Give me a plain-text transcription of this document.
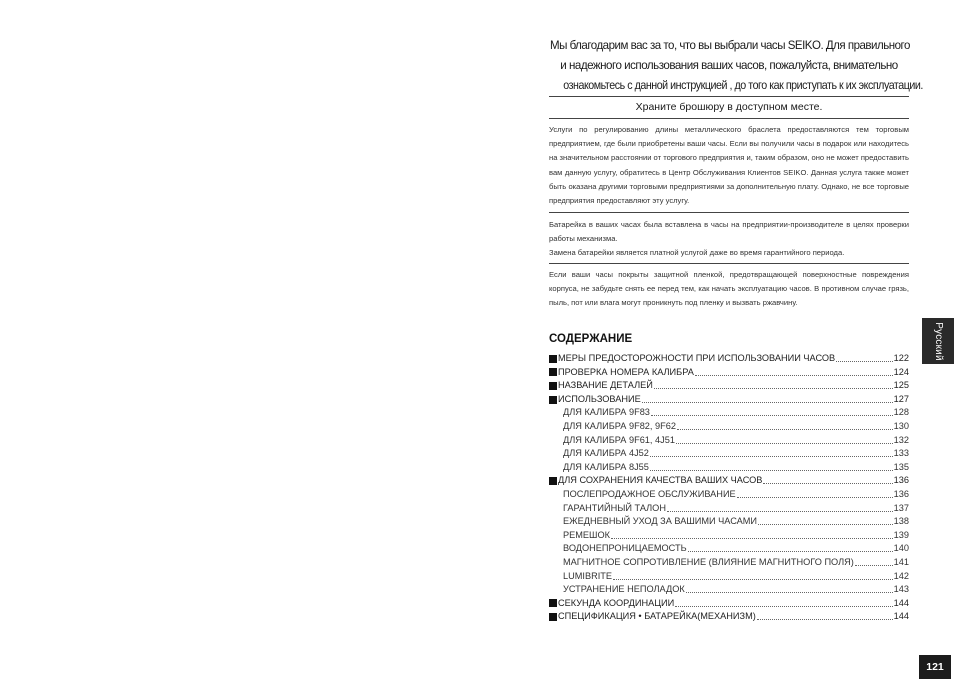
Мы благодарим вас за то, что вы выбрали часы SEIKO. Для правильного
и надежного использования ваших часов, пожалуйста, внимательно
ознакомьтесь с данной инструкцией , до того как приступать к их эксплуатации.
Храните брошюру в доступном месте.
Услуги по регулированию длины металлического браслета предоставляются тем торговым предприятием, где были приобретены ваши часы. Если вы получили часы в подарок или находитесь на значительном расстоянии от торгового предприятия и, таким образом, оно не может предоставить вам данную услугу, обратитесь в Центр Обслуживания Клиентов SEIKO. Данная услуга также может быть оказана другими торговыми предприятиями за дополнительную плату. Однако, не все торговые предприятия предоставляют эту услугу.
Батарейка в ваших часах была вставлена в часы на предприятии-производителе в целях проверки работы механизма.
Замена батарейки является платной услугой даже во время гарантийного периода.
Если ваши часы покрыты защитной пленкой, предотвращающей поверхностные повреждения корпуса, не забудьте снять ее перед тем, как начать эксплуатацию часов. В противном случае грязь, пыль, пот или влага могут проникнуть под пленку и вызвать ржавчину.
СОДЕРЖАНИЕ
МЕРЫ ПРЕДОСТОРОЖНОСТИ ПРИ ИСПОЛЬЗОВАНИИ ЧАСОВ	122
ПРОВЕРКА НОМЕРА КАЛИБРА	124
НАЗВАНИЕ ДЕТАЛЕЙ	125
ИСПОЛЬЗОВАНИЕ	127
ДЛЯ КАЛИБРА 9F83	128
ДЛЯ КАЛИБРА 9F82, 9F62	130
ДЛЯ КАЛИБРА 9F61, 4J51	132
ДЛЯ КАЛИБРА 4J52	133
ДЛЯ КАЛИБРА 8J55	135
ДЛЯ СОХРАНЕНИЯ КАЧЕСТВА ВАШИХ ЧАСОВ	136
ПОСЛЕПРОДАЖНОЕ ОБСЛУЖИВАНИЕ	136
ГАРАНТИЙНЫЙ ТАЛОН	137
ЕЖЕДНЕВНЫЙ УХОД ЗА ВАШИМИ ЧАСАМИ	138
РЕМЕШОК	139
ВОДОНЕПРОНИЦАЕМОСТЬ	140
МАГНИТНОЕ СОПРОТИВЛЕНИЕ (ВЛИЯНИЕ МАГНИТНОГО ПОЛЯ)	141
LUMIBRITE	142
УСТРАНЕНИЕ НЕПОЛАДОК	143
СЕКУНДА КООРДИНАЦИИ	144
СПЕЦИФИКАЦИЯ • БАТАРЕЙКА(МЕХАНИЗМ)	144
Русский
121
